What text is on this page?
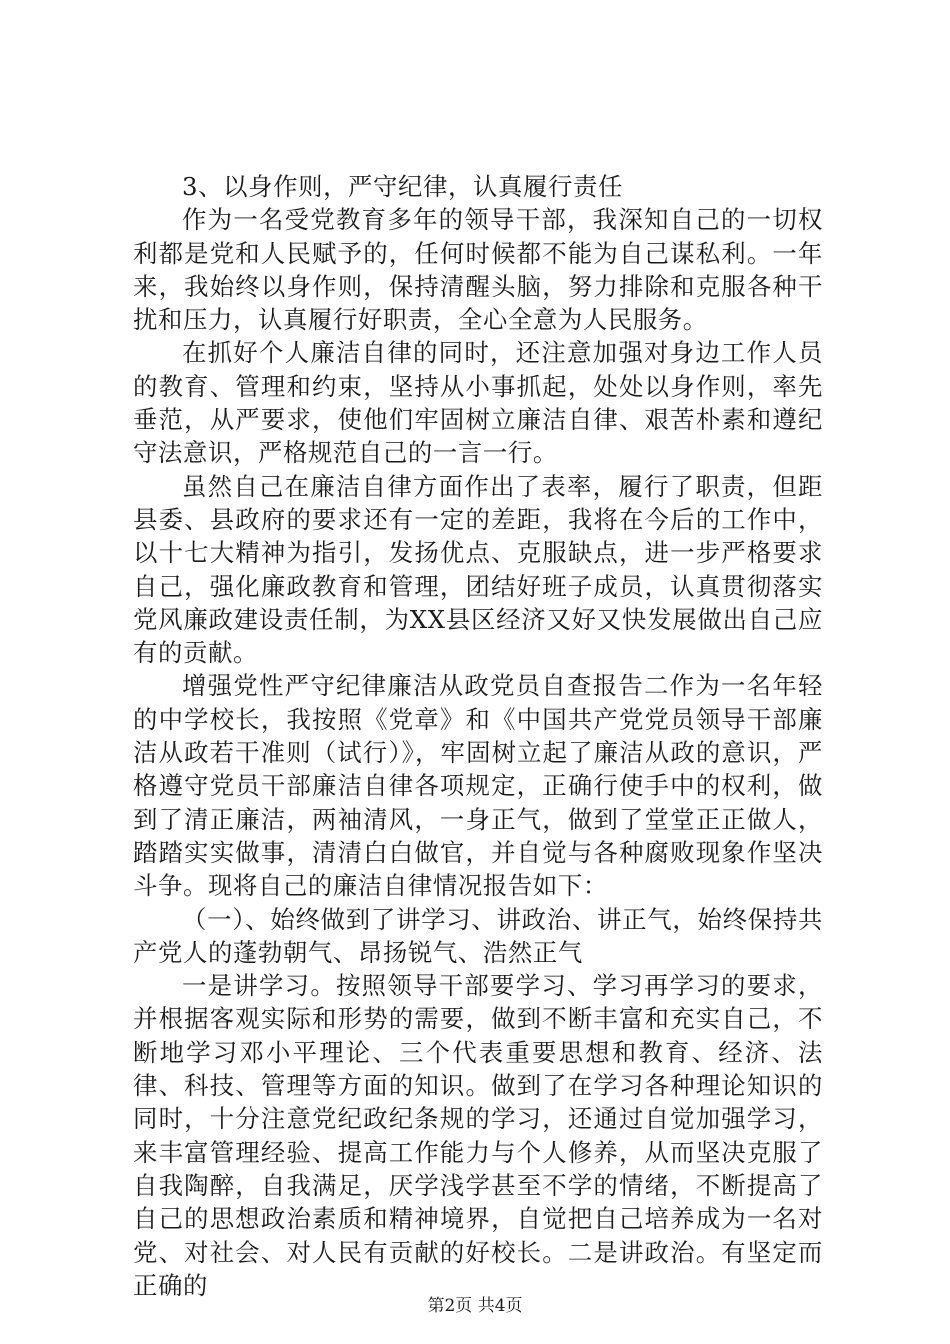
3、以身作则，严守纪律，认真履行责任

作为一名受党教育多年的领导干部，我深知自己的一切权利都是党和人民赋予的，任何时候都不能为自己谋私利。一年来，我始终以身作则，保持清醒头脑，努力排除和克服各种干扰和压力，认真履行好职责，全心全意为人民服务。

在抓好个人廉洁自律的同时，还注意加强对身边工作人员的教育、管理和约束，坚持从小事抓起，处处以身作则，率先垂范，从严要求，使他们牢固树立廉洁自律、艰苦朴素和遵纪守法意识，严格规范自己的一言一行。

虽然自己在廉洁自律方面作出了表率，履行了职责，但距县委、县政府的要求还有一定的差距，我将在今后的工作中，以十七大精神为指引，发扬优点、克服缺点，进一步严格要求自己，强化廉政教育和管理，团结好班子成员，认真贯彻落实党风廉政建设责任制，为XX县区经济又好又快发展做出自己应有的贡献。

增强党性严守纪律廉洁从政党员自查报告二作为一名年轻的中学校长，我按照《党章》和《中国共产党党员领导干部廉洁从政若干准则（试行）》，牢固树立起了廉洁从政的意识，严格遵守党员干部廉洁自律各项规定，正确行使手中的权利，做到了清正廉洁，两袖清风，一身正气，做到了堂堂正正做人，踏踏实实做事，清清白白做官，并自觉与各种腐败现象作坚决斗争。现将自己的廉洁自律情况报告如下：

（一）、始终做到了讲学习、讲政治、讲正气，始终保持共产党人的蓬勃朝气、昂扬锐气、浩然正气

一是讲学习。按照领导干部要学习、学习再学习的要求，并根据客观实际和形势的需要，做到不断丰富和充实自己，不断地学习邓小平理论、三个代表重要思想和教育、经济、法律、科技、管理等方面的知识。做到了在学习各种理论知识的同时，十分注意党纪政纪条规的学习，还通过自觉加强学习，来丰富管理经验、提高工作能力与个人修养，从而坚决克服了自我陶醉，自我满足，厌学浅学甚至不学的情绪，不断提高了自己的思想政治素质和精神境界，自觉把自己培养成为一名对党、对社会、对人民有贡献的好校长。二是讲政治。有坚定而正确的

第2页 共4页
